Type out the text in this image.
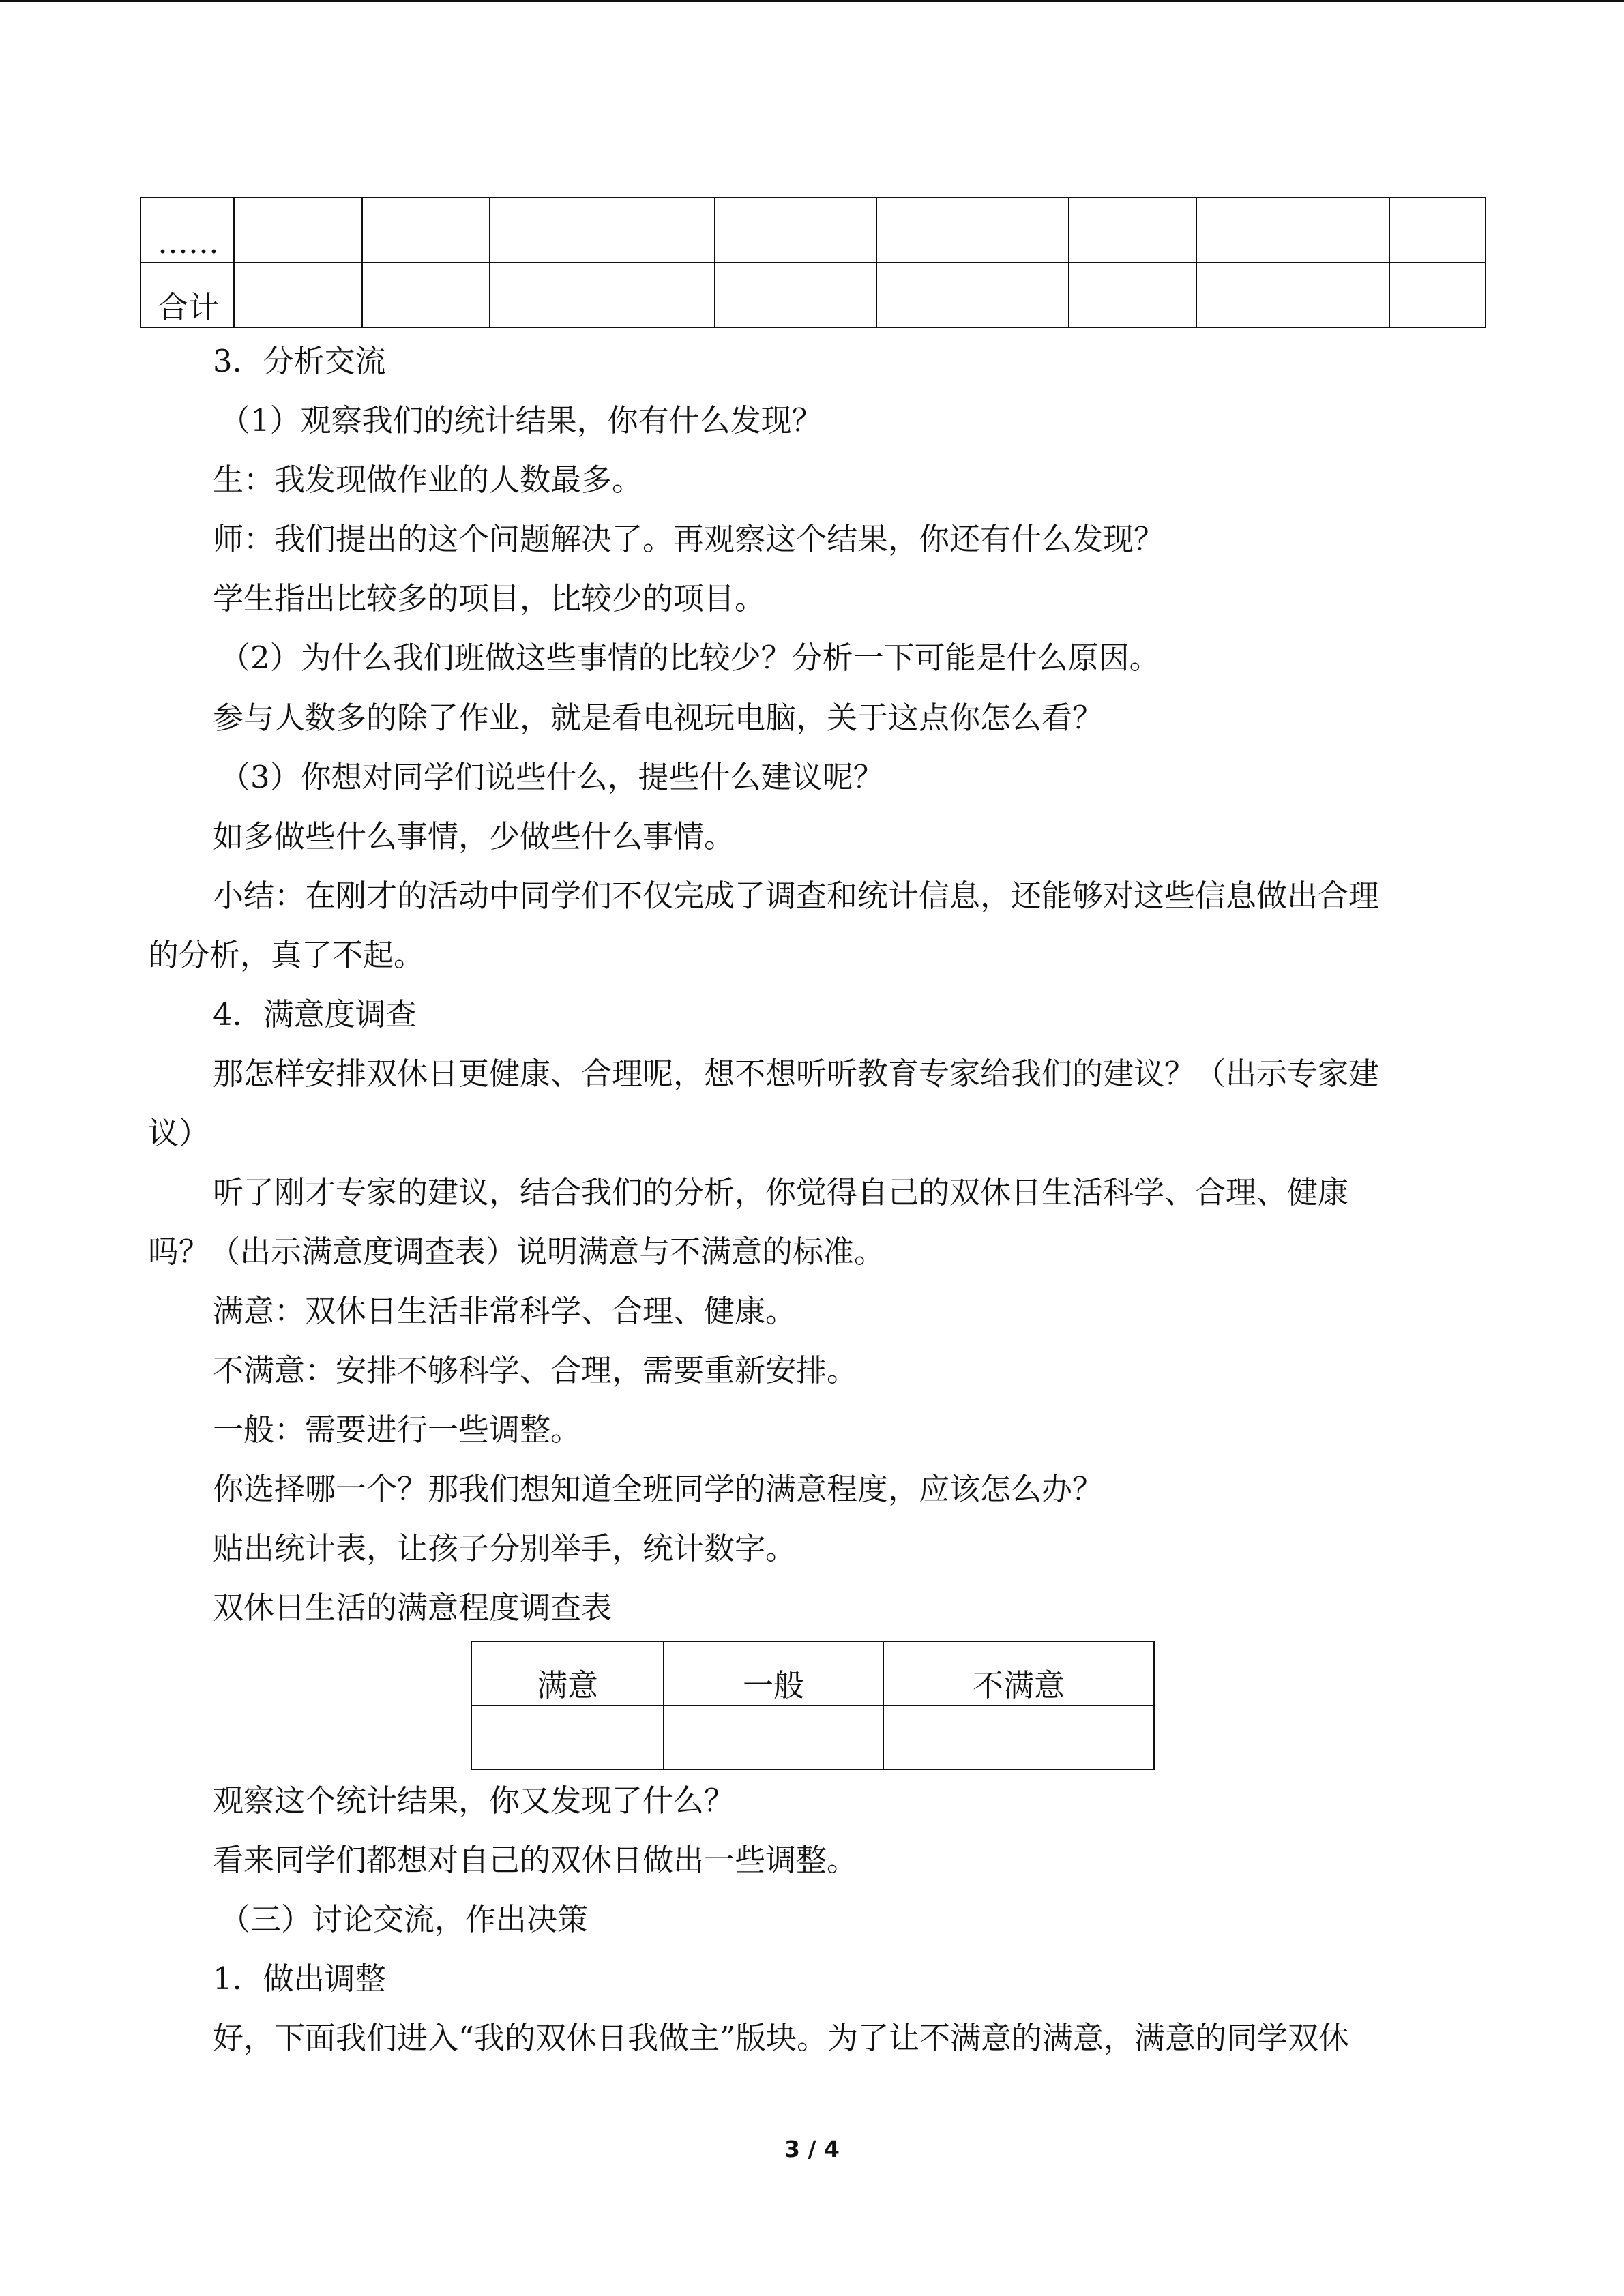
……								
合计								
3．分析交流
（1）观察我们的统计结果，你有什么发现？
生：我发现做作业的人数最多。
师：我们提出的这个问题解决了。再观察这个结果，你还有什么发现？
学生指出比较多的项目，比较少的项目。
（2）为什么我们班做这些事情的比较少？分析一下可能是什么原因。
参与人数多的除了作业，就是看电视玩电脑，关于这点你怎么看？
（3）你想对同学们说些什么，提些什么建议呢？
如多做些什么事情，少做些什么事情。
小结：在刚才的活动中同学们不仅完成了调查和统计信息，还能够对这些信息做出合理
的分析，真了不起。
4．满意度调查
那怎样安排双休日更健康、合理呢，想不想听听教育专家给我们的建议？（出示专家建
议）
听了刚才专家的建议，结合我们的分析，你觉得自己的双休日生活科学、合理、健康
吗？（出示满意度调查表）说明满意与不满意的标准。
满意：双休日生活非常科学、合理、健康。
不满意：安排不够科学、合理，需要重新安排。
一般：需要进行一些调整。
你选择哪一个？那我们想知道全班同学的满意程度，应该怎么办？
贴出统计表，让孩子分别举手，统计数字。
双休日生活的满意程度调查表
满意	一般	不满意

观察这个统计结果，你又发现了什么？
看来同学们都想对自己的双休日做出一些调整。
（三）讨论交流，作出决策
1．做出调整
好，下面我们进入“我的双休日我做主”版块。为了让不满意的满意，满意的同学双休
3 / 4
